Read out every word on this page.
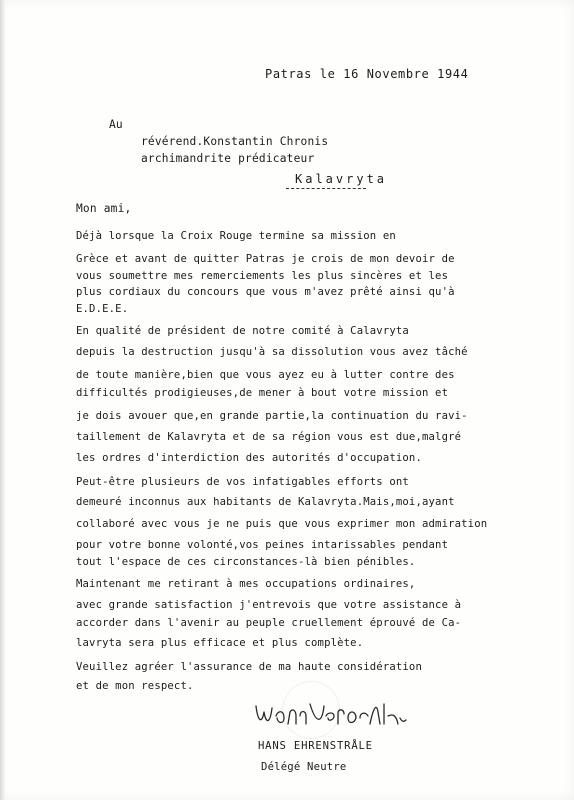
Patras le 16 Novembre 1944
Au
révérend.Konstantin Chronis
archimandrite prédicateur
Kalavryta
Mon ami,
Déjà lorsque la Croix Rouge termine sa mission en
Grèce et avant de quitter Patras je crois de mon devoir de
vous soumettre mes remerciements les plus sincères et les
plus cordiaux du concours que vous m'avez prêté ainsi qu'à
E.D.E.E.
En qualité de président de notre comité à Calavryta
depuis la destruction jusqu'à sa dissolution vous avez tâché
de toute manière,bien que vous ayez eu à lutter contre des
difficultés prodigieuses,de mener à bout votre mission et
je dois avouer que,en grande partie,la continuation du ravi-
taillement de Kalavryta et de sa région vous est due,malgré
les ordres d'interdiction des autorités d'occupation.
Peut-être plusieurs de vos infatigables efforts ont
demeuré inconnus aux habitants de Kalavryta.Mais,moi,ayant
collaboré avec vous je ne puis que vous exprimer mon admiration
pour votre bonne volonté,vos peines intarissables pendant
tout l'espace de ces circonstances-là bien pénibles.
Maintenant me retirant à mes occupations ordinaires,
avec grande satisfaction j'entrevois que votre assistance à
accorder dans l'avenir au peuple cruellement éprouvé de Ca-
lavryta sera plus efficace et plus complète.
Veuillez agréer l'assurance de ma haute considération
et de mon respect.
HANS EHRENSTRÅLE
Délégé Neutre
